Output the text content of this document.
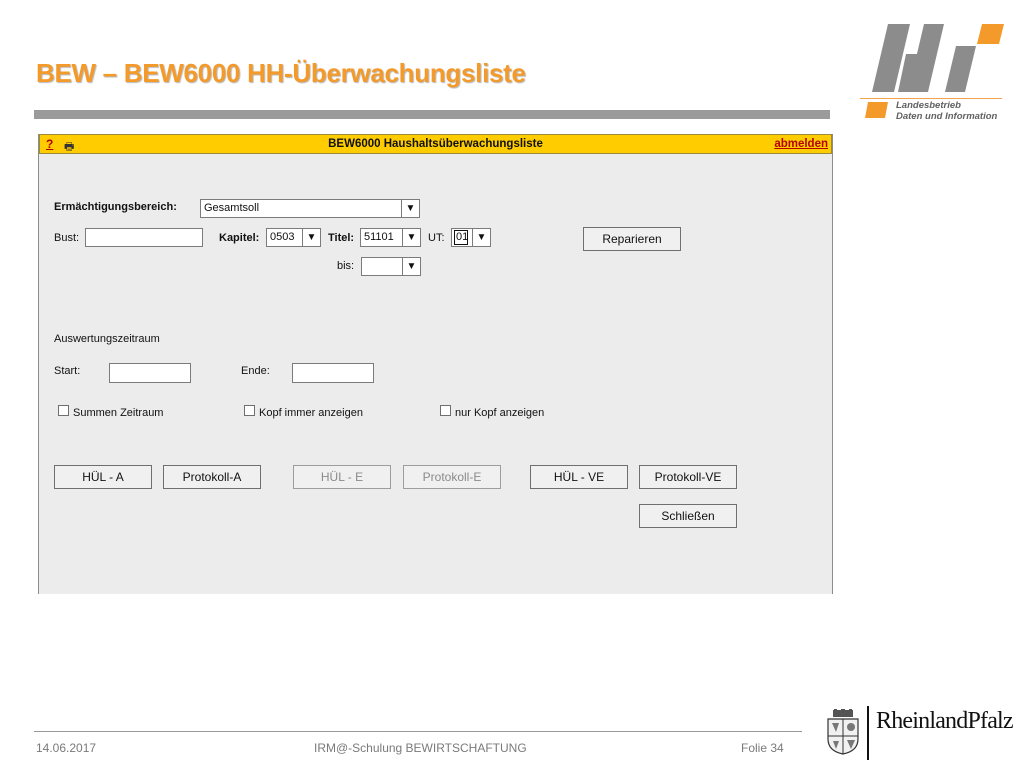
BEW – BEW6000 HH-Überwachungsliste
Landesbetrieb
Daten und Information
? 🖶	BEW6000 Haushaltsüberwachungsliste	abmelden
Ermächtigungsbereich: Gesamtsoll	▼
Bust:	Kapitel: 0503	▼	Titel: 51101	▼	UT: 01 ▼	Reparieren
bis:	▼
Auswertungszeitraum
Start:	Ende:
Summen Zeitraum	Kopf immer anzeigen	nur Kopf anzeigen
HÜL - A	Protokoll-A	HÜL - E	Protokoll-E	HÜL - VE	Protokoll-VE
Schließen
14.06.2017	IRM@-Schulung BEWIRTSCHAFTUNG	Folie 34
RheinlandPfalz
